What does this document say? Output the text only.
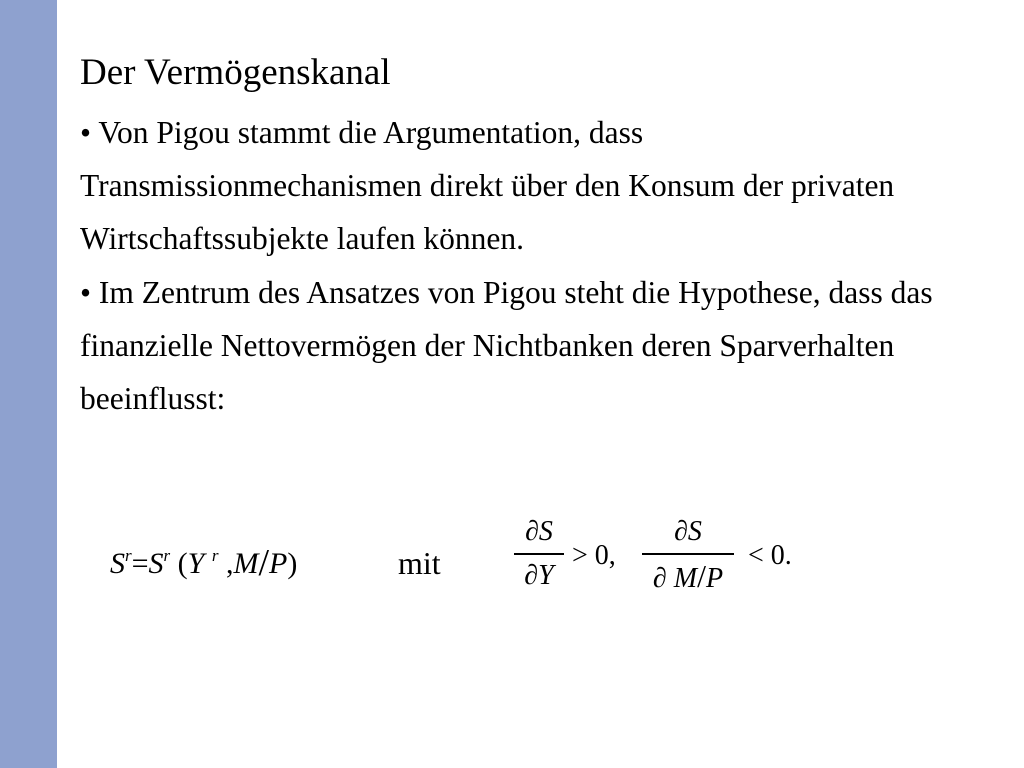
Der Vermögenskanal
• Von Pigou stammt die Argumentation, dass Transmissionmechanismen direkt über den Konsum der privaten Wirtschaftssubjekte laufen können.
• Im Zentrum des Ansatzes von Pigou steht die Hypothese, dass das finanzielle Nettovermögen der Nichtbanken deren Sparverhalten beeinflusst:
$S^r=S^r$ (Y $^r$ ,M/P)	mit
∂S
∂Y
> 0,
∂S
∂ M/P
< 0.
